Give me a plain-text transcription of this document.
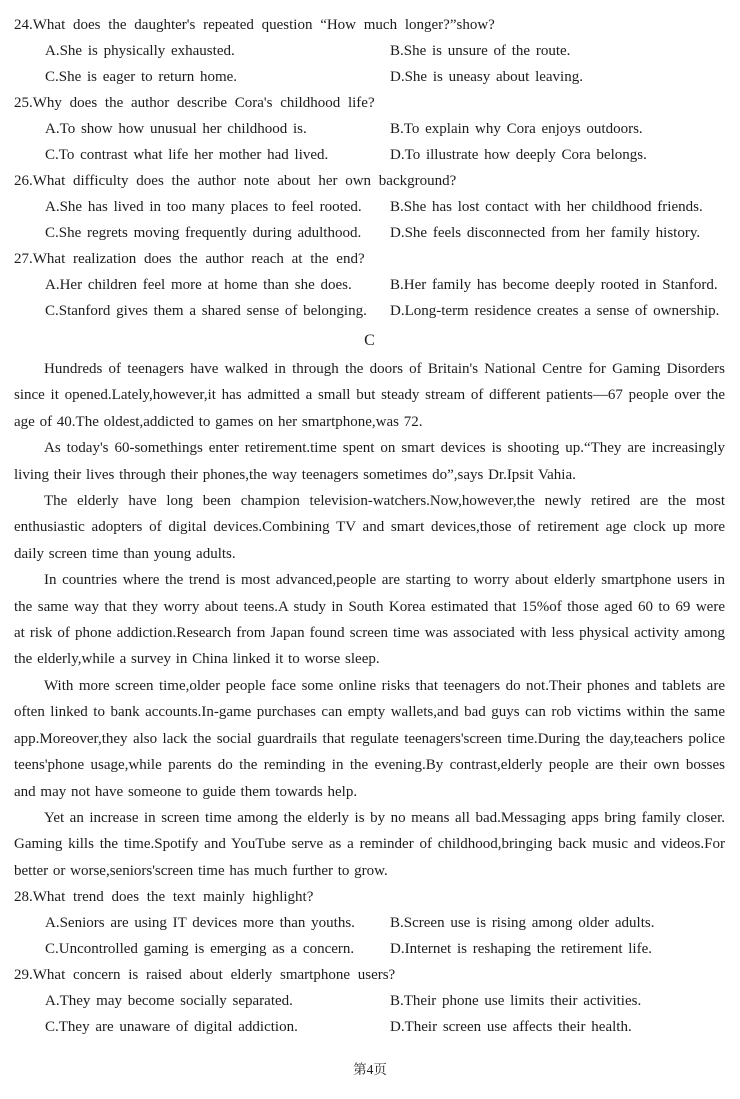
24.What does the daughter's repeated question “How much longer?”show?

A.She is physically exhausted.	B.She is unsure of the route.

C.She is eager to return home.	D.She is uneasy about leaving.

25.Why does the author describe Cora's childhood life?

A.To show how unusual her childhood is.	B.To explain why Cora enjoys outdoors.

C.To contrast what life her mother had lived.	D.To illustrate how deeply Cora belongs.

26.What difficulty does the author note about her own background?

A.She has lived in too many places to feel rooted.	B.She has lost contact with her childhood friends.

C.She regrets moving frequently during adulthood.	D.She feels disconnected from her family history.

27.What realization does the author reach at the end?

A.Her children feel more at home than she does.	B.Her family has become deeply rooted in Stanford.

C.Stanford gives them a shared sense of belonging.	D.Long-term residence creates a sense of ownership.

C

Hundreds of teenagers have walked in through the doors of Britain's National Centre for Gaming Disorders since it opened.Lately,however,it has admitted a small but steady stream of different patients—67 people over the age of 40.The oldest,addicted to games on her smartphone,was 72.

As today's 60-somethings enter retirement.time spent on smart devices is shooting up.“They are increasingly living their lives through their phones,the way teenagers sometimes do”,says Dr.Ipsit Vahia.

The elderly have long been champion television-watchers.Now,however,the newly retired are the most enthusiastic adopters of digital devices.Combining TV and smart devices,those of retirement age clock up more daily screen time than young adults.

In countries where the trend is most advanced,people are starting to worry about elderly smartphone users in the same way that they worry about teens.A study in South Korea estimated that 15%of those aged 60 to 69 were at risk of phone addiction.Research from Japan found screen time was associated with less physical activity among the elderly,while a survey in China linked it to worse sleep.

With more screen time,older people face some online risks that teenagers do not.Their phones and tablets are often linked to bank accounts.In-game purchases can empty wallets,and bad guys can rob victims within the same app.Moreover,they also lack the social guardrails that regulate teenagers'screen time.During the day,teachers police teens'phone usage,while parents do the reminding in the evening.By contrast,elderly people are their own bosses and may not have someone to guide them towards help.

Yet an increase in screen time among the elderly is by no means all bad.Messaging apps bring family closer. Gaming kills the time.Spotify and YouTube serve as a reminder of childhood,bringing back music and videos.For better or worse,seniors'screen time has much further to grow.

28.What trend does the text mainly highlight?

A.Seniors are using IT devices more than youths.	B.Screen use is rising among older adults.

C.Uncontrolled gaming is emerging as a concern.	D.Internet is reshaping the retirement life.

29.What concern is raised about elderly smartphone users?

A.They may become socially separated.	B.Their phone use limits their activities.

C.They are unaware of digital addiction.	D.Their screen use affects their health.

第4页
